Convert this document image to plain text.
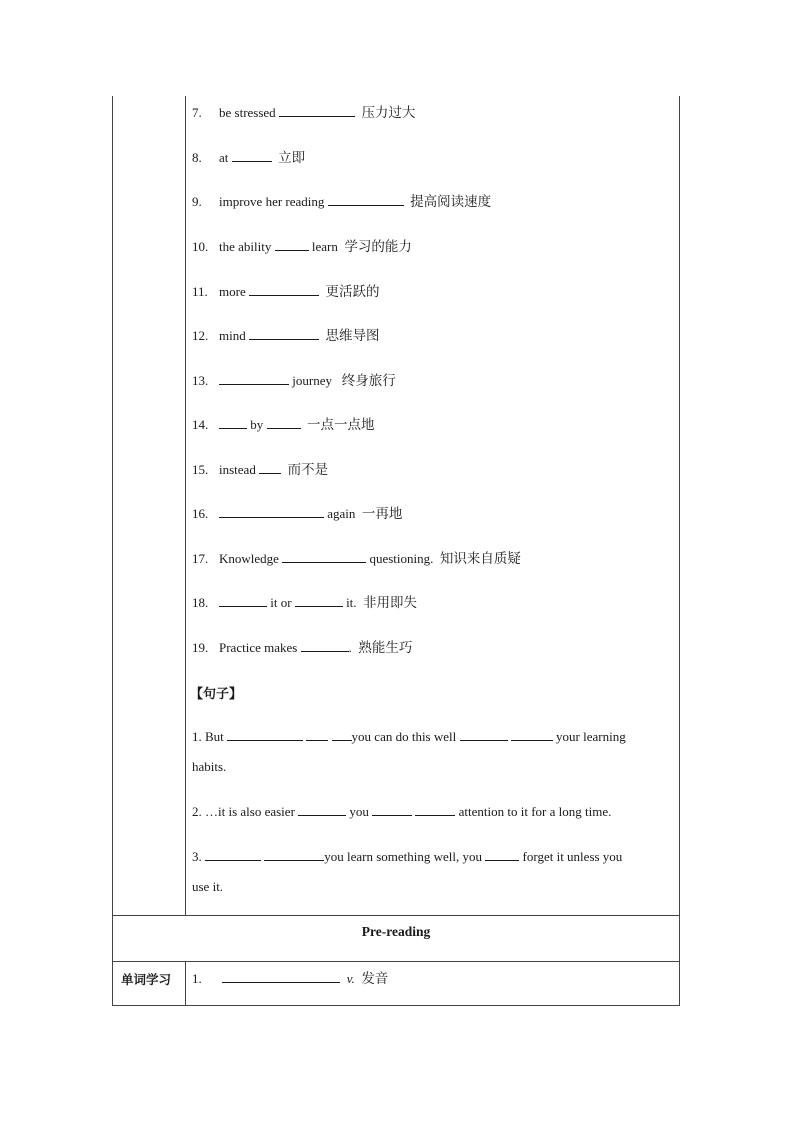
7. be stressed	压力过大
8. at	立即
9. improve her reading	提高阅读速度
10. the ability	learn 学习的能力
11. more	更活跃的
12. mind	思维导图
13.	journey 终身旅行
14.	by	一点一点地
15. instead 而不是
16.	again 一再地
17. Knowledge	questioning. 知识来自质疑
18.	it or	it. 非用即失
19. Practice makes	. 熟能生巧
【句子】
1. But	you can do this well	your learning
habits.
2. …it is also easier	you	attention to it for a long time.
3.	you learn something well, you	forget it unless you
use it.
Pre-reading
单词学习 1.	v. 发音
